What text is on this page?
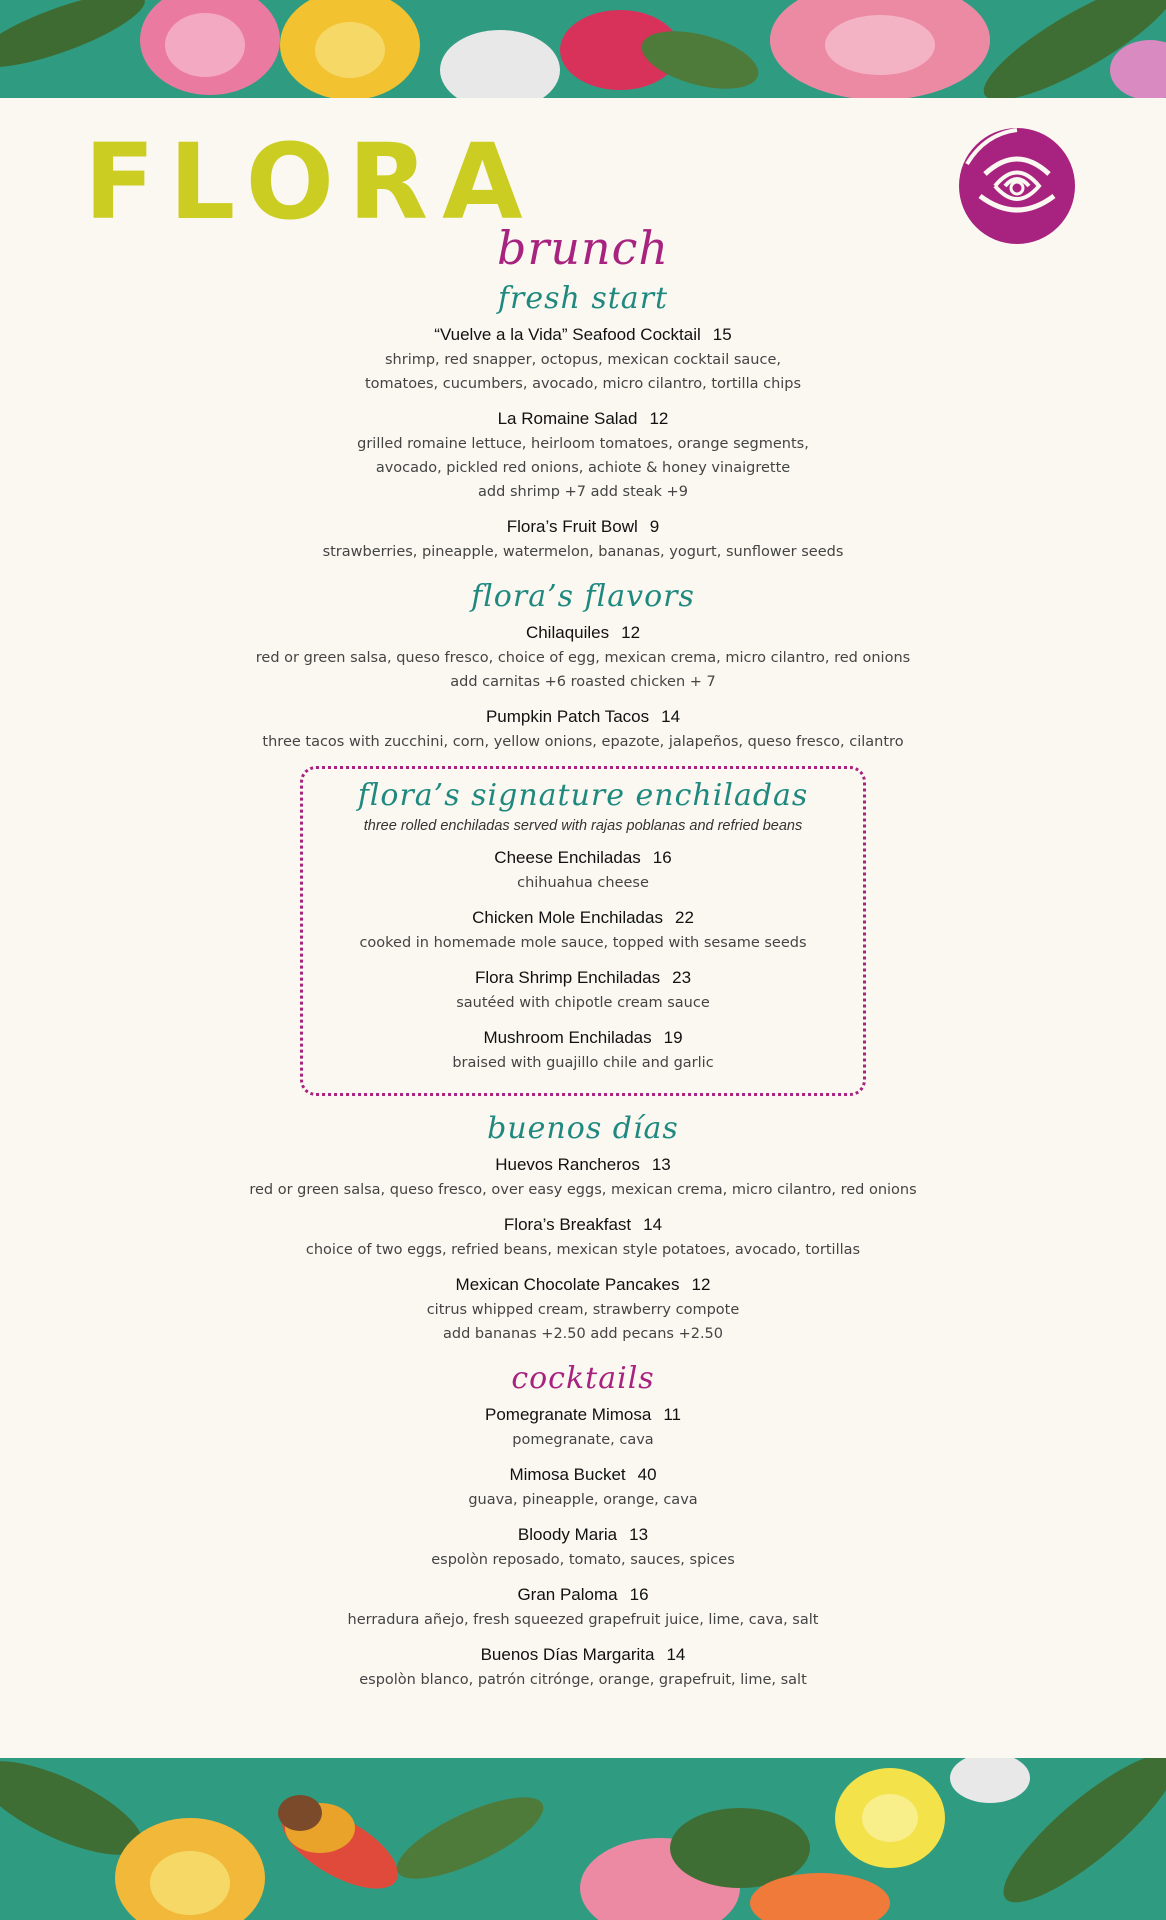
FLORA
brunch
fresh start
“Vuelve a la Vida” Seafood Cocktail 15
shrimp, red snapper, octopus, mexican cocktail sauce,
tomatoes, cucumbers, avocado, micro cilantro, tortilla chips
La Romaine Salad 12
grilled romaine lettuce, heirloom tomatoes, orange segments,
avocado, pickled red onions, achiote & honey vinaigrette
add shrimp +7 add steak +9
Flora’s Fruit Bowl 9
strawberries, pineapple, watermelon, bananas, yogurt, sunflower seeds
flora’s flavors
Chilaquiles 12
red or green salsa, queso fresco, choice of egg, mexican crema, micro cilantro, red onions
add carnitas +6 roasted chicken + 7
Pumpkin Patch Tacos 14
three tacos with zucchini, corn, yellow onions, epazote, jalapeños, queso fresco, cilantro
flora’s signature enchiladas
three rolled enchiladas served with rajas poblanas and refried beans
Cheese Enchiladas 16
chihuahua cheese
Chicken Mole Enchiladas 22
cooked in homemade mole sauce, topped with sesame seeds
Flora Shrimp Enchiladas 23
sautéed with chipotle cream sauce
Mushroom Enchiladas 19
braised with guajillo chile and garlic
buenos días
Huevos Rancheros 13
red or green salsa, queso fresco, over easy eggs, mexican crema, micro cilantro, red onions
Flora’s Breakfast 14
choice of two eggs, refried beans, mexican style potatoes, avocado, tortillas
Mexican Chocolate Pancakes 12
citrus whipped cream, strawberry compote
add bananas +2.50 add pecans +2.50
cocktails
Pomegranate Mimosa 11
pomegranate, cava
Mimosa Bucket 40
guava, pineapple, orange, cava
Bloody Maria 13
espolòn reposado, tomato, sauces, spices
Gran Paloma 16
herradura añejo, fresh squeezed grapefruit juice, lime, cava, salt
Buenos Días Margarita 14
espolòn blanco, patrón citrónge, orange, grapefruit, lime, salt
